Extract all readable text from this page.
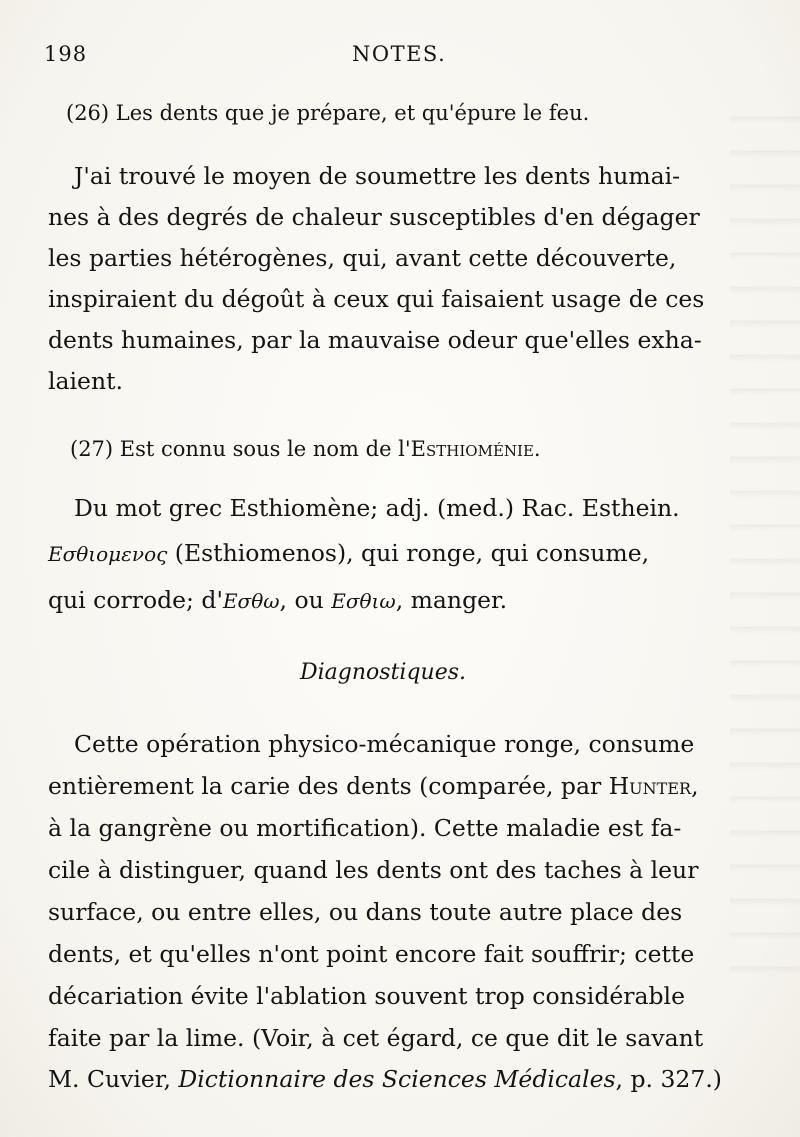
198	NOTES.
(26) Les dents que je prépare, et qu'épure le feu.
J'ai trouvé le moyen de soumettre les dents humai-
nes à des degrés de chaleur susceptibles d'en dégager
les parties hétérogènes, qui, avant cette découverte,
inspiraient du dégoût à ceux qui faisaient usage de ces
dents humaines, par la mauvaise odeur que'elles exha-
laient.
(27) Est connu sous le nom de l'Esthioménie.
Du mot grec Esthiomène; adj. (med.) Rac. Esthein.
Εσθιομενος (Esthiomenos), qui ronge, qui consume,
qui corrode; d'Εσθω, ou Εσθιω, manger.
Diagnostiques.
Cette opération physico-mécanique ronge, consume
entièrement la carie des dents (comparée, par Hunter,
à la gangrène ou mortification). Cette maladie est fa-
cile à distinguer, quand les dents ont des taches à leur
surface, ou entre elles, ou dans toute autre place des
dents, et qu'elles n'ont point encore fait souffrir; cette
décariation évite l'ablation souvent trop considérable
faite par la lime. (Voir, à cet égard, ce que dit le savant
M. Cuvier, Dictionnaire des Sciences Médicales, p. 327.)
